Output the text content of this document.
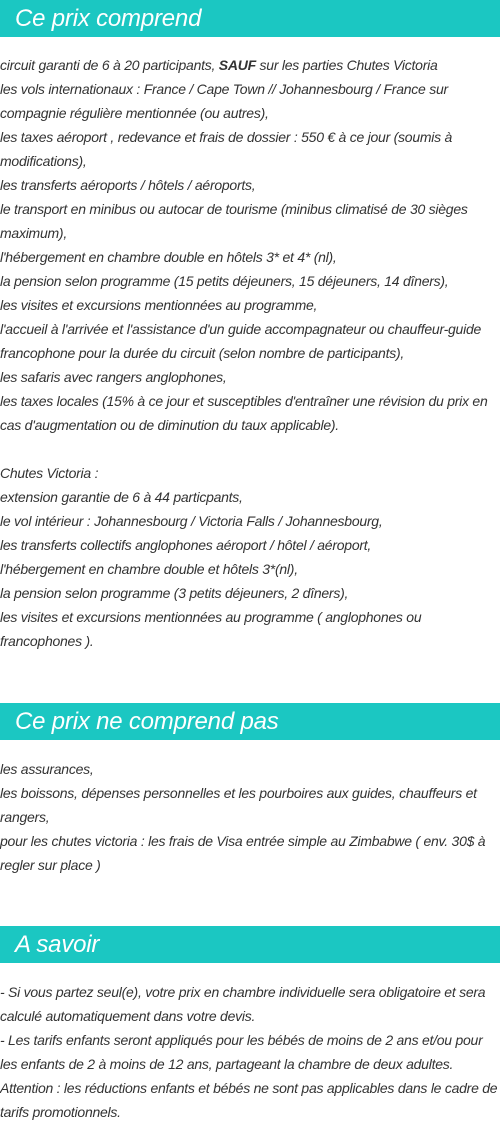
Ce prix comprend

circuit garanti de 6 à 20 participants, SAUF sur les parties Chutes Victoria

les vols internationaux : France / Cape Town // Johannesbourg / France sur compagnie régulière mentionnée (ou autres),

les taxes aéroport , redevance et frais de dossier : 550 € à ce jour (soumis à modifications),

les transferts aéroports / hôtels / aéroports,

le transport en minibus ou autocar de tourisme (minibus climatisé de 30 sièges maximum),

l'hébergement en chambre double en hôtels 3* et 4* (nl),

la pension selon programme (15 petits déjeuners, 15 déjeuners, 14 dîners),

les visites et excursions mentionnées au programme,

l'accueil à l'arrivée et l'assistance d'un guide accompagnateur ou chauffeur-guide francophone pour la durée du circuit (selon nombre de participants),

les safaris avec rangers anglophones,

les taxes locales (15% à ce jour et susceptibles d'entraîner une révision du prix en cas d'augmentation ou de diminution du taux applicable).

Chutes Victoria :

extension garantie de 6 à 44 particpants,

le vol intérieur : Johannesbourg / Victoria Falls / Johannesbourg,

les transferts collectifs anglophones aéroport / hôtel / aéroport,

l'hébergement en chambre double et hôtels 3*(nl),

la pension selon programme (3 petits déjeuners, 2 dîners),

les visites et excursions mentionnées au programme ( anglophones ou francophones ).

Ce prix ne comprend pas

les assurances,

les boissons, dépenses personnelles et les pourboires aux guides, chauffeurs et rangers,

pour les chutes victoria : les frais de Visa entrée simple au Zimbabwe ( env. 30$ à regler sur place )

A savoir

- Si vous partez seul(e), votre prix en chambre individuelle sera obligatoire et sera calculé automatiquement dans votre devis.

- Les tarifs enfants seront appliqués pour les bébés de moins de 2 ans et/ou pour les enfants de 2 à moins de 12 ans, partageant la chambre de deux adultes.

Attention : les réductions enfants et bébés ne sont pas applicables dans le cadre de tarifs promotionnels.
